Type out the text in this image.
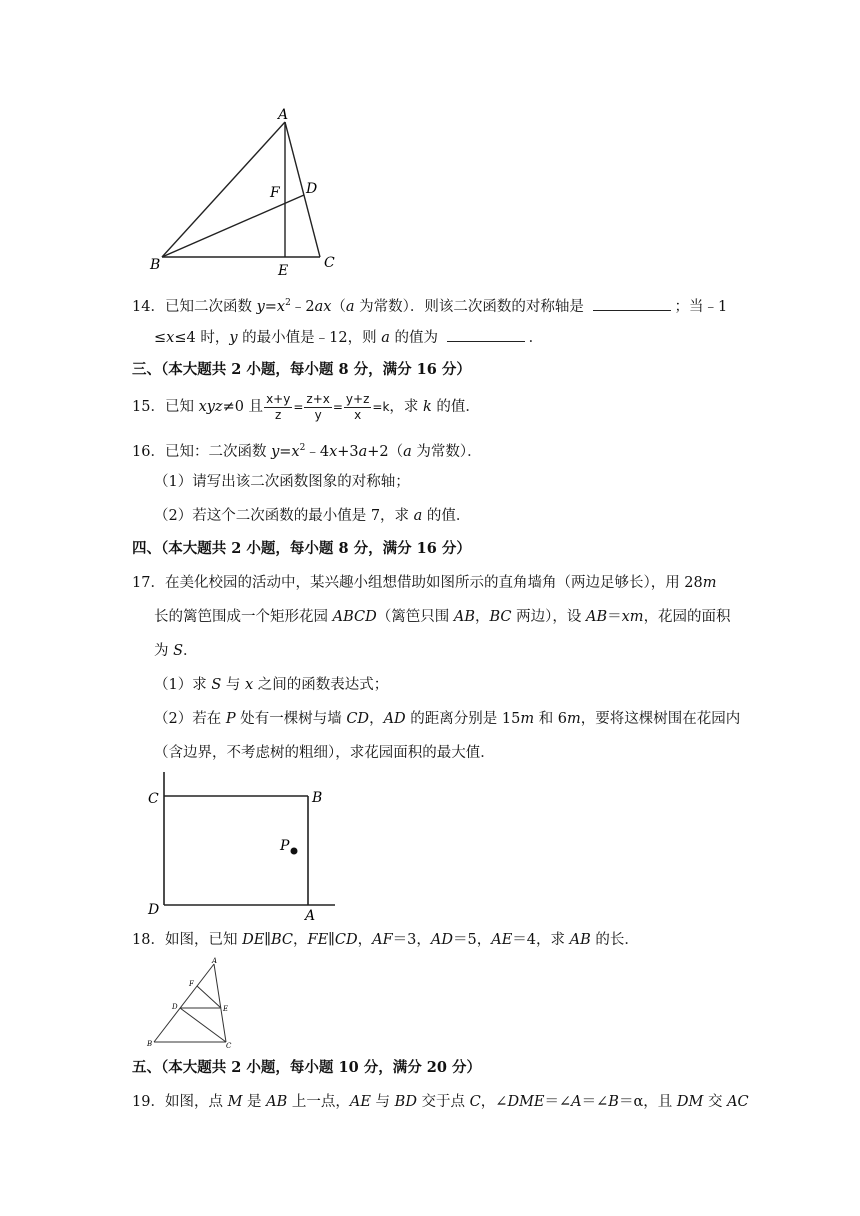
A
B	C
D
E
F
14．已知二次函数 $y=x^2﹣2ax(a$ 为常数）．则该二次函数的对称轴是	；当﹣1
≤x≤4 时，y 的最小值是﹣12，则 a 的值为	．
三、（本大题共 2 小题，每小题 8 分，满分 16 分）
15．已知 xyz≠0 且 $\frac{x+y}{z} = \frac{z+x}{y} = \frac{y+z}{x} =k$，求 k 的值．
16．已知：二次函数 $y=x^2﹣4x+3a+2(a$ 为常数）．
（1）请写出该二次函数图象的对称轴；
（2）若这个二次函数的最小值是 7，求 a 的值．
四、（本大题共 2 小题，每小题 8 分，满分 16 分）
17．在美化校园的活动中，某兴趣小组想借助如图所示的直角墙角（两边足够长），用 28m
长的篱笆围成一个矩形花园 ABCD（篱笆只围 AB，BC 两边），设 AB＝xm，花园的面积
为 S．
（1）求 S 与 x 之间的函数表达式；
（2）若在 P 处有一棵树与墙 CD，AD 的距离分别是 15m 和 6m，要将这棵树围在花园内
（含边界，不考虑树的粗细），求花园面积的最大值．
C	B
P
D	A
18．如图，已知 DE∥BC，FE∥CD，AF＝3，AD＝5，AE＝4，求 AB 的长．
A
F
D	E
B	C
五、（本大题共 2 小题，每小题 10 分，满分 20 分）
19．如图，点 M 是 AB 上一点，AE 与 BD 交于点 C，∠DME＝∠A＝∠B＝α，且 DM 交 AC
